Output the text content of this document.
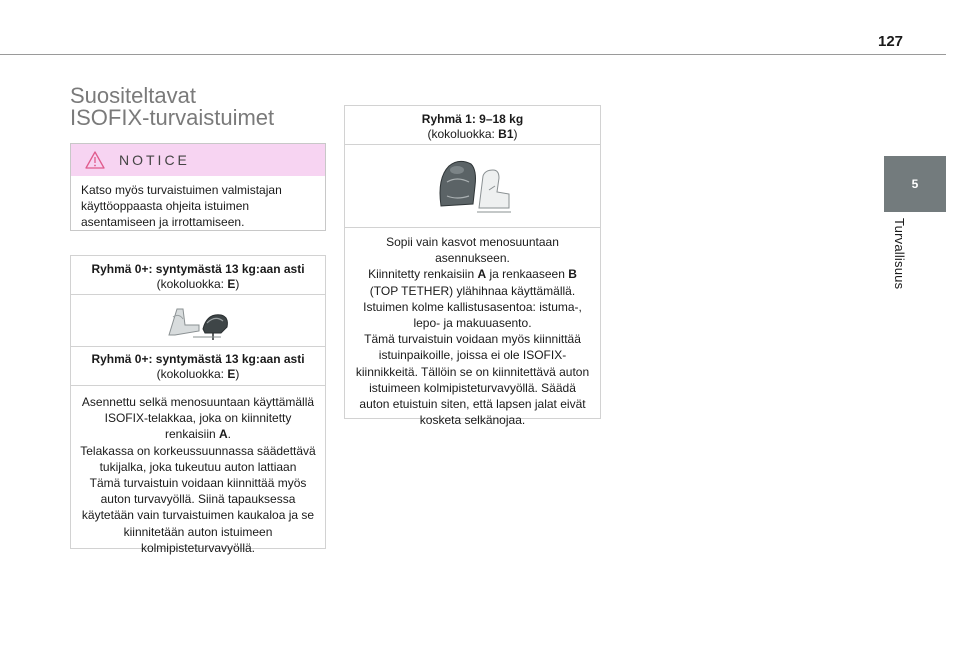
127
5
Turvallisuus
Suositeltavat
ISOFIX-turvaistuimet
NOTICE
Katso myös turvaistuimen valmistajan käyttöoppaasta ohjeita istuimen asentamiseen ja irrottamiseen.
Ryhmä 0+: syntymästä 13 kg:aan asti
(kokoluokka: E)
Ryhmä 0+: syntymästä 13 kg:aan asti
(kokoluokka: E)

Asennettu selkä menosuuntaan käyttämällä ISOFIX-telakkaa, joka on kiinnitetty renkaisiin A.

Telakassa on korkeussuunnassa säädettävä tukijalka, joka tukeutuu auton lattiaan

Tämä turvaistuin voidaan kiinnittää myös auton turvavyöllä. Siinä tapauksessa käytetään vain turvaistuimen kaukaloa ja se kiinnitetään auton istuimeen kolmipisteturvavyöllä.

Ryhmä 1: 9–18 kg
(kokoluokka: B1)

Sopii vain kasvot menosuuntaan asennukseen.

Kiinnitetty renkaisiin A ja renkaaseen B (TOP TETHER) ylähihnaa käyttämällä.

Istuimen kolme kallistusasentoa: istuma-, lepo- ja makuuasento.

Tämä turvaistuin voidaan myös kiinnittää istuinpaikoille, joissa ei ole ISOFIX-kiinnikkeitä. Tällöin se on kiinnitettävä auton istuimeen kolmipisteturvavyöllä. Säädä auton etuistuin siten, että lapsen jalat eivät kosketa selkänojaa.
